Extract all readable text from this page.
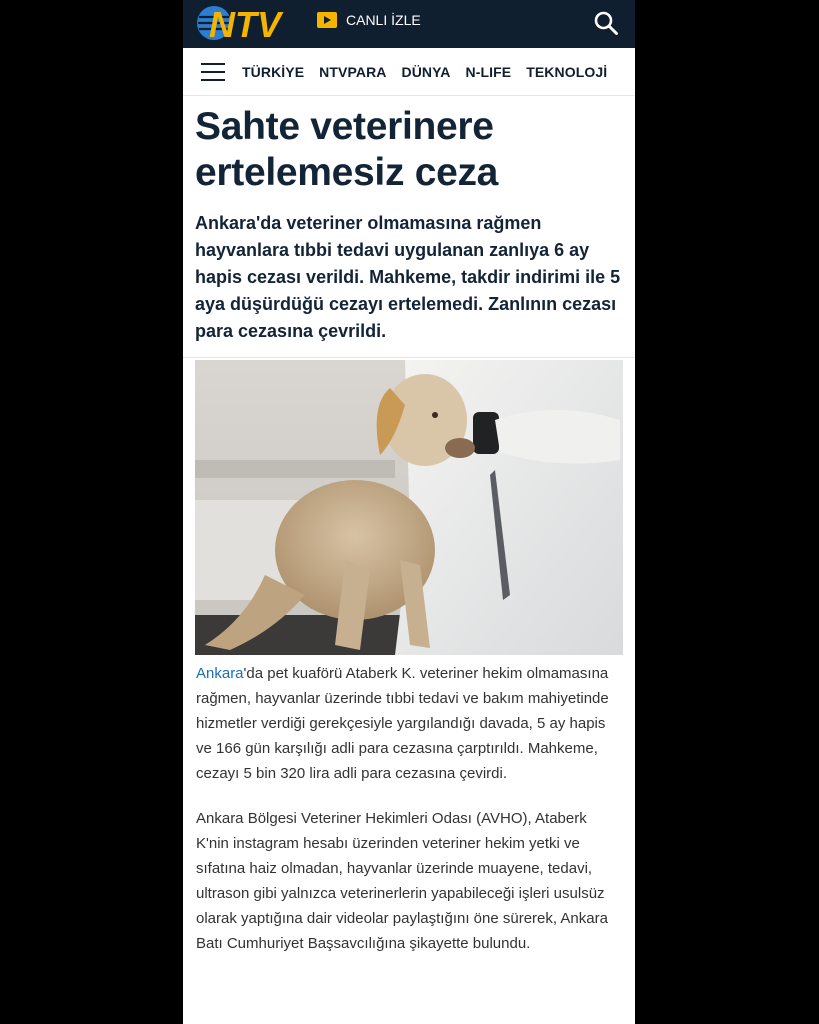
NTV	CANLI İZLE
TÜRKİYE NTVPARA DÜNYA N-LIFE TEKNOLOJİ
Sahte veterinere
ertelemesiz ceza

Ankara'da veteriner olmamasına rağmen hayvanlara tıbbi tedavi uygulanan zanlıya 6 ay hapis cezası verildi. Mahkeme, takdir indirimi ile 5 aya düşürdüğü cezayı ertelemedi. Zanlının cezası para cezasına çevrildi.

Ankara'da pet kuaförü Ataberk K. veteriner hekim olmamasına rağmen, hayvanlar üzerinde tıbbi tedavi ve bakım mahiyetinde hizmetler verdiği gerekçesiyle yargılandığı davada, 5 ay hapis ve 166 gün karşılığı adli para cezasına çarptırıldı. Mahkeme, cezayı 5 bin 320 lira adli para cezasına çevirdi.

Ankara Bölgesi Veteriner Hekimleri Odası (AVHO), Ataberk K'nin instagram hesabı üzerinden veteriner hekim yetki ve sıfatına haiz olmadan, hayvanlar üzerinde muayene, tedavi, ultrason gibi yalnızca veterinerlerin yapabileceği işleri usulsüz olarak yaptığına dair videolar paylaştığını öne sürerek, Ankara Batı Cumhuriyet Başsavcılığına şikayette bulundu.
